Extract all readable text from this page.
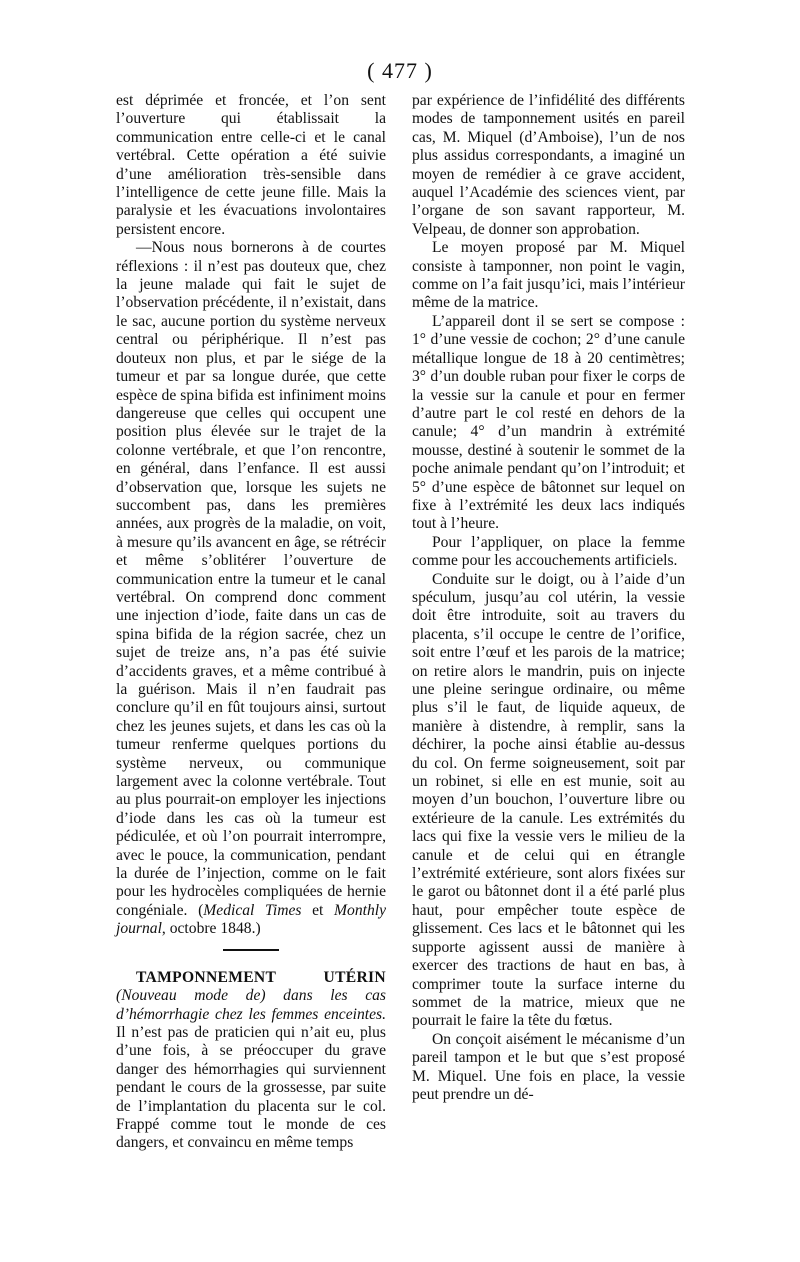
( 477 )

est déprimée et froncée, et l’on sent l’ouverture qui établissait la communication entre celle-ci et le canal vertébral. Cette opération a été suivie d’une amélioration très-sensible dans l’intelligence de cette jeune fille. Mais la paralysie et les évacuations involontaires persistent encore.

—Nous nous bornerons à de courtes réflexions : il n’est pas douteux que, chez la jeune malade qui fait le sujet de l’observation précédente, il n’existait, dans le sac, aucune portion du système nerveux central ou périphérique. Il n’est pas douteux non plus, et par le siége de la tumeur et par sa longue durée, que cette espèce de spina bifida est infiniment moins dangereuse que celles qui occupent une position plus élevée sur le trajet de la colonne vertébrale, et que l’on rencontre, en général, dans l’enfance. Il est aussi d’observation que, lorsque les sujets ne succombent pas, dans les premières années, aux progrès de la maladie, on voit, à mesure qu’ils avancent en âge, se rétrécir et même s’oblitérer l’ouverture de communication entre la tumeur et le canal vertébral. On comprend donc comment une injection d’iode, faite dans un cas de spina bifida de la région sacrée, chez un sujet de treize ans, n’a pas été suivie d’accidents graves, et a même contribué à la guérison. Mais il n’en faudrait pas conclure qu’il en fût toujours ainsi, surtout chez les jeunes sujets, et dans les cas où la tumeur renferme quelques portions du système nerveux, ou communique largement avec la colonne vertébrale. Tout au plus pourrait-on employer les injections d’iode dans les cas où la tumeur est pédiculée, et où l’on pourrait interrompre, avec le pouce, la communication, pendant la durée de l’injection, comme on le fait pour les hydrocèles compliquées de hernie congéniale. (Medical Times et Monthly journal, octobre 1848.)

TAMPONNEMENT UTÉRIN (Nouveau mode de) dans les cas d’hémorrhagie chez les femmes enceintes. Il n’est pas de praticien qui n’ait eu, plus d’une fois, à se préoccuper du grave danger des hémorrhagies qui surviennent pendant le cours de la grossesse, par suite de l’implantation du placenta sur le col. Frappé comme tout le monde de ces dangers, et convaincu en même temps

par expérience de l’infidélité des différents modes de tamponnement usités en pareil cas, M. Miquel (d’Amboise), l’un de nos plus assidus correspondants, a imaginé un moyen de remédier à ce grave accident, auquel l’Académie des sciences vient, par l’organe de son savant rapporteur, M. Velpeau, de donner son approbation.

Le moyen proposé par M. Miquel consiste à tamponner, non point le vagin, comme on l’a fait jusqu’ici, mais l’intérieur même de la matrice.

L’appareil dont il se sert se compose : 1° d’une vessie de cochon; 2° d’une canule métallique longue de 18 à 20 centimètres; 3° d’un double ruban pour fixer le corps de la vessie sur la canule et pour en fermer d’autre part le col resté en dehors de la canule; 4° d’un mandrin à extrémité mousse, destiné à soutenir le sommet de la poche animale pendant qu’on l’introduit; et 5° d’une espèce de bâtonnet sur lequel on fixe à l’extrémité les deux lacs indiqués tout à l’heure.

Pour l’appliquer, on place la femme comme pour les accouchements artificiels.

Conduite sur le doigt, ou à l’aide d’un spéculum, jusqu’au col utérin, la vessie doit être introduite, soit au travers du placenta, s’il occupe le centre de l’orifice, soit entre l’œuf et les parois de la matrice; on retire alors le mandrin, puis on injecte une pleine seringue ordinaire, ou même plus s’il le faut, de liquide aqueux, de manière à distendre, à remplir, sans la déchirer, la poche ainsi établie au-dessus du col. On ferme soigneusement, soit par un robinet, si elle en est munie, soit au moyen d’un bouchon, l’ouverture libre ou extérieure de la canule. Les extrémités du lacs qui fixe la vessie vers le milieu de la canule et de celui qui en étrangle l’extrémité extérieure, sont alors fixées sur le garot ou bâtonnet dont il a été parlé plus haut, pour empêcher toute espèce de glissement. Ces lacs et le bâtonnet qui les supporte agissent aussi de manière à exercer des tractions de haut en bas, à comprimer toute la surface interne du sommet de la matrice, mieux que ne pourrait le faire la tête du fœtus.

On conçoit aisément le mécanisme d’un pareil tampon et le but que s’est proposé M. Miquel. Une fois en place, la vessie peut prendre un dé-
